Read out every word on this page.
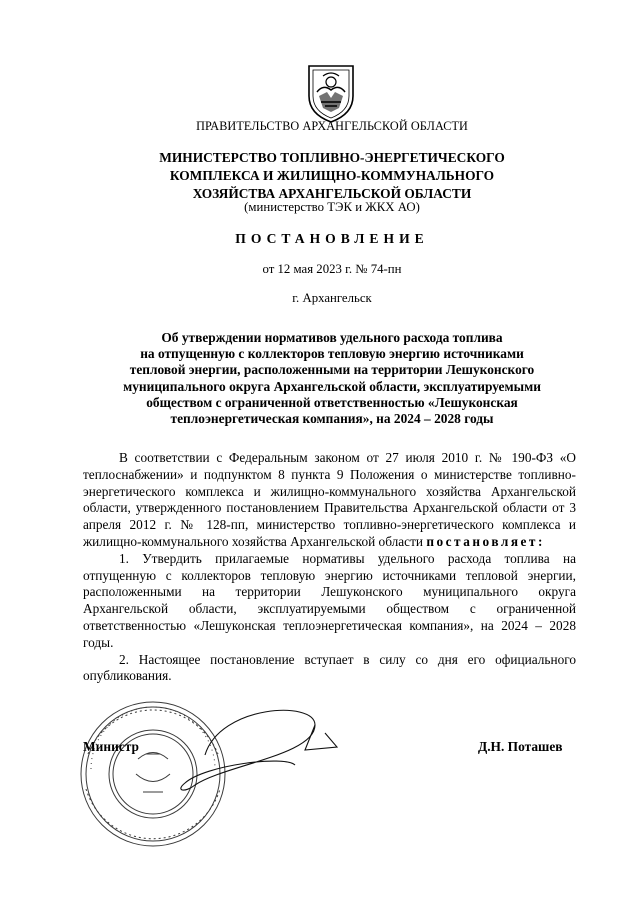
ПРАВИТЕЛЬСТВО АРХАНГЕЛЬСКОЙ ОБЛАСТИ
МИНИСТЕРСТВО ТОПЛИВНО-ЭНЕРГЕТИЧЕСКОГО
КОМПЛЕКСА И ЖИЛИЩНО-КОММУНАЛЬНОГО
ХОЗЯЙСТВА АРХАНГЕЛЬСКОЙ ОБЛАСТИ
(министерство ТЭК и ЖКХ АО)
ПОСТАНОВЛЕНИЕ
от 12 мая 2023 г. № 74-пн
г. Архангельск
Об утверждении нормативов удельного расхода топлива
на отпущенную с коллекторов тепловую энергию источниками
тепловой энергии, расположенными на территории Лешуконского
муниципального округа Архангельской области, эксплуатируемыми
обществом с ограниченной ответственностью «Лешуконская
теплоэнергетическая компания», на 2024 – 2028 годы

В соответствии с Федеральным законом от 27 июля 2010 г. № 190-ФЗ «О теплоснабжении» и подпунктом 8 пункта 9 Положения о министерстве топливно-энергетического комплекса и жилищно-коммунального хозяйства Архангельской области, утвержденного постановлением Правительства Архангельской области от 3 апреля 2012 г. № 128-пп, министерство топливно-энергетического комплекса и жилищно-коммунального хозяйства Архангельской области постановляет:

1. Утвердить прилагаемые нормативы удельного расхода топлива на отпущенную с коллекторов тепловую энергию источниками тепловой энергии, расположенными на территории Лешуконского муниципального округа Архангельской области, эксплуатируемыми обществом с ограниченной ответственностью «Лешуконская теплоэнергетическая компания», на 2024 – 2028 годы.

2. Настоящее постановление вступает в силу со дня его официального опубликования.

Министр	Д.Н. Поташев
